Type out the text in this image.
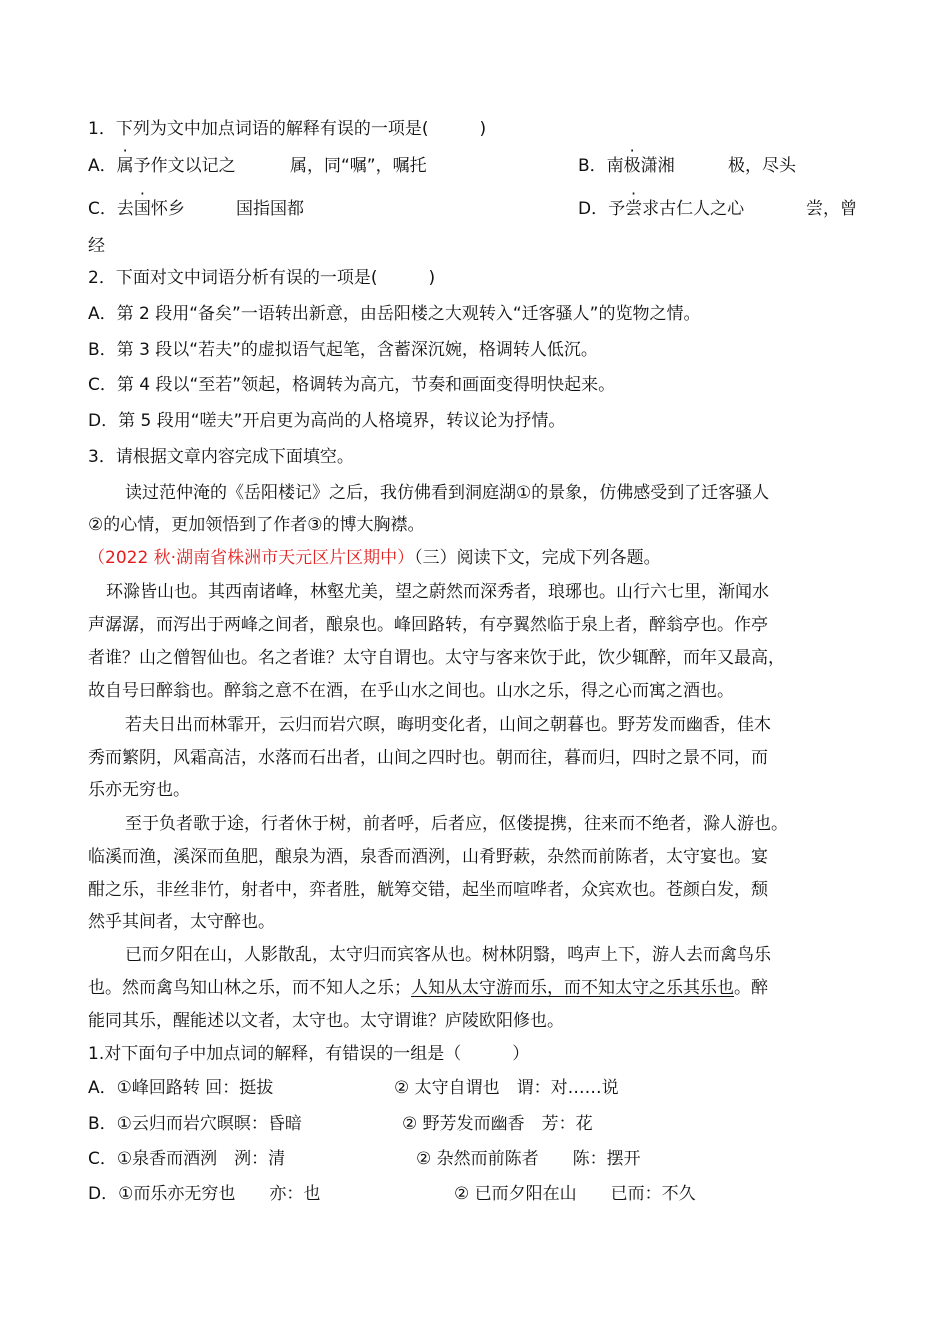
1．下列为文中加点词语的解释有误的一项是(　　　)
A．属予作文以记之	属，同“嘱”，嘱托	B．南极潇湘	极，尽头
C．去国怀乡	国指国都	D．予尝求古仁人之心	尝，曾
经
2．下面对文中词语分析有误的一项是(　　　)
A．第 2 段用“备矣”一语转出新意，由岳阳楼之大观转入“迁客骚人”的览物之情。
B．第 3 段以“若夫”的虚拟语气起笔，含蓄深沉婉，格调转人低沉。
C．第 4 段以“至若”领起，格调转为高亢，节奏和画面变得明快起来。
D．第 5 段用“嗟夫”开启更为高尚的人格境界，转议论为抒情。
3．请根据文章内容完成下面填空。
读过范仲淹的《岳阳楼记》之后，我仿佛看到洞庭湖①的景象，仿佛感受到了迁客骚人
②的心情，更加领悟到了作者③的博大胸襟。
（2022 秋·湖南省株洲市天元区片区期中）（三）阅读下文，完成下列各题。
环滁皆山也。其西南诸峰，林壑尤美，望之蔚然而深秀者，琅琊也。山行六七里，渐闻水
声潺潺，而泻出于两峰之间者，酿泉也。峰回路转，有亭翼然临于泉上者，醉翁亭也。作亭
者谁？山之僧智仙也。名之者谁？太守自谓也。太守与客来饮于此，饮少辄醉，而年又最高，
故自号曰醉翁也。醉翁之意不在酒，在乎山水之间也。山水之乐，得之心而寓之酒也。
若夫日出而林霏开，云归而岩穴暝，晦明变化者，山间之朝暮也。野芳发而幽香，佳木
秀而繁阴，风霜高洁，水落而石出者，山间之四时也。朝而往，暮而归，四时之景不同，而
乐亦无穷也。
至于负者歌于途，行者休于树，前者呼，后者应，伛偻提携，往来而不绝者，滁人游也。
临溪而渔，溪深而鱼肥，酿泉为酒，泉香而酒洌，山肴野蔌，杂然而前陈者，太守宴也。宴
酣之乐，非丝非竹，射者中，弈者胜，觥筹交错，起坐而喧哗者，众宾欢也。苍颜白发，颓
然乎其间者，太守醉也。
已而夕阳在山，人影散乱，太守归而宾客从也。树林阴翳，鸣声上下，游人去而禽鸟乐
也。然而禽鸟知山林之乐，而不知人之乐；人知从太守游而乐，而不知太守之乐其乐也。醉
能同其乐，醒能述以文者，太守也。太守谓谁？庐陵欧阳修也。
1.对下面句子中加点词的解释，有错误的一组是（　　　）
A．①峰回路转 回：挺拔	② 太守自谓也　谓：对……说
B．①云归而岩穴暝暝：昏暗	② 野芳发而幽香　芳：花
C．①泉香而酒洌　洌：清	② 杂然而前陈者　　陈：摆开
D．①而乐亦无穷也　　亦：也	② 已而夕阳在山　　已而：不久
